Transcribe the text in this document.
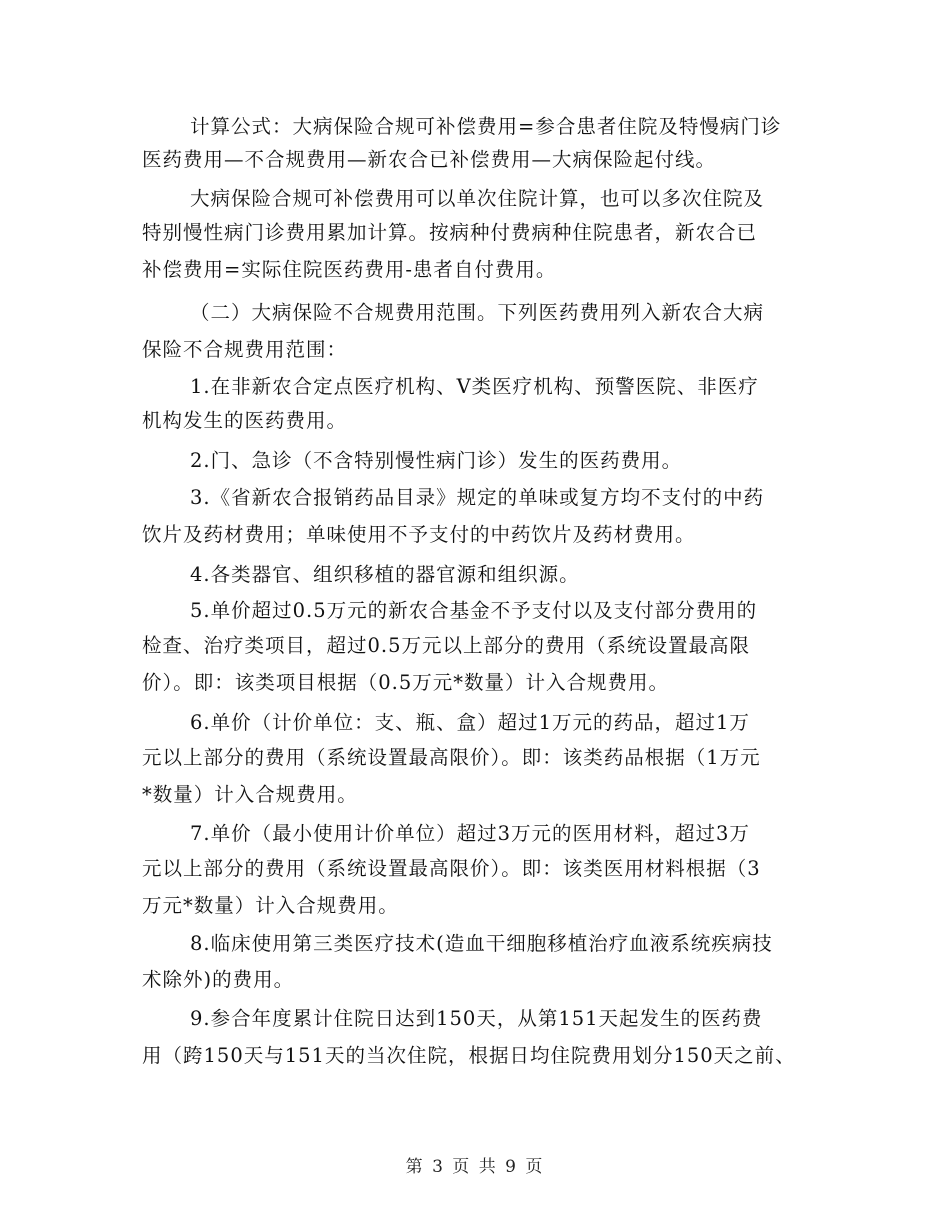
计算公式：大病保险合规可补偿费用=参合患者住院及特慢病门诊
医药费用—不合规费用—新农合已补偿费用—大病保险起付线。
大病保险合规可补偿费用可以单次住院计算，也可以多次住院及
特别慢性病门诊费用累加计算。按病种付费病种住院患者，新农合已
补偿费用=实际住院医药费用-患者自付费用。
（二）大病保险不合规费用范围。下列医药费用列入新农合大病
保险不合规费用范围：
1.在非新农合定点医疗机构、Ⅴ类医疗机构、预警医院、非医疗
机构发生的医药费用。
2.门、急诊（不含特别慢性病门诊）发生的医药费用。
3.《省新农合报销药品目录》规定的单味或复方均不支付的中药
饮片及药材费用；单味使用不予支付的中药饮片及药材费用。
4.各类器官、组织移植的器官源和组织源。
5.单价超过0.5万元的新农合基金不予支付以及支付部分费用的
检查、治疗类项目，超过0.5万元以上部分的费用（系统设置最高限
价）。即：该类项目根据（0.5万元*数量）计入合规费用。
6.单价（计价单位：支、瓶、盒）超过1万元的药品，超过1万
元以上部分的费用（系统设置最高限价）。即：该类药品根据（1万元
*数量）计入合规费用。
7.单价（最小使用计价单位）超过3万元的医用材料，超过3万
元以上部分的费用（系统设置最高限价）。即：该类医用材料根据（3
万元*数量）计入合规费用。
8.临床使用第三类医疗技术(造血干细胞移植治疗血液系统疾病技
术除外)的费用。
9.参合年度累计住院日达到150天，从第151天起发生的医药费
用（跨150天与151天的当次住院，根据日均住院费用划分150天之前、
第 3 页 共 9 页
